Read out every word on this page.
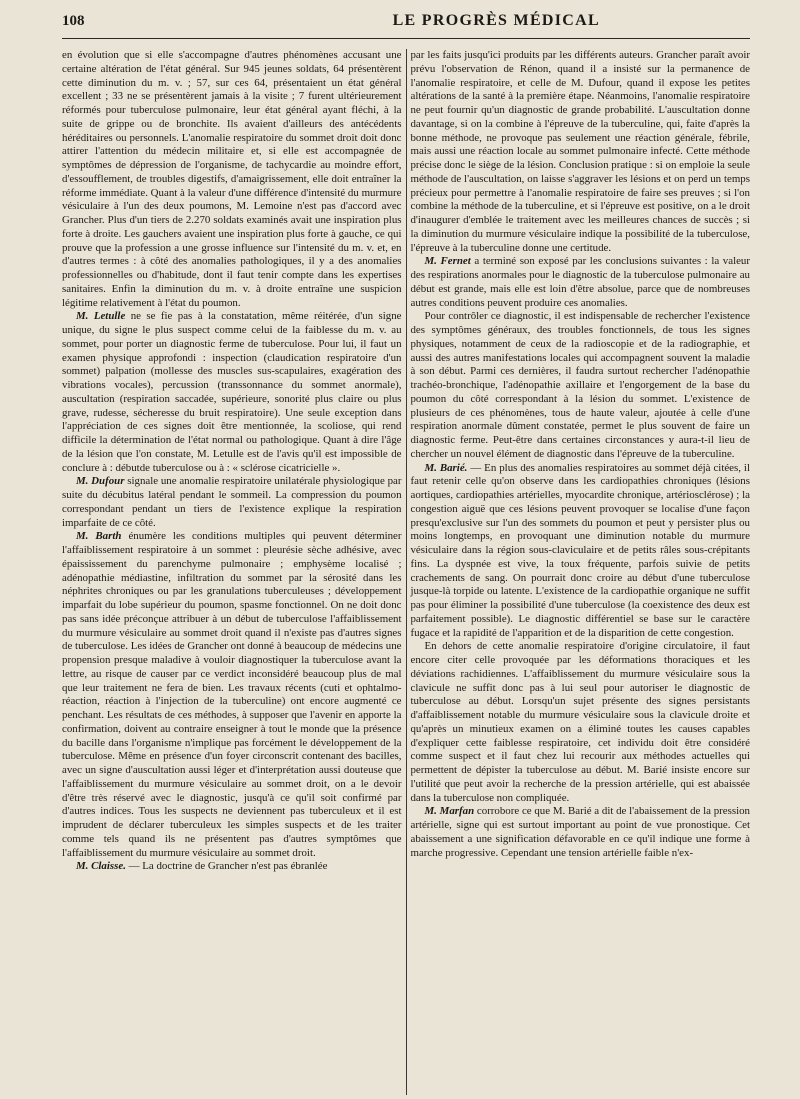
108	LE PROGRÈS MÉDICAL

en évolution que si elle s'accompagne d'autres phénomènes accusant une certaine altération de l'état général. Sur 945 jeunes soldats, 64 présentèrent cette diminution du m. v. ; 57, sur ces 64, présentaient un état général excellent ; 33 ne se présentèrent jamais à la visite ; 7 furent ultérieurement réformés pour tuberculose pulmonaire, leur état général ayant fléchi, à la suite de grippe ou de bronchite. Ils avaient d'ailleurs des antécédents héréditaires ou personnels. L'anomalie respiratoire du sommet droit doit donc attirer l'attention du médecin militaire et, si elle est accompagnée de symptômes de dépression de l'organisme, de tachycardie au moindre effort, d'essoufflement, de troubles digestifs, d'amaigrissement, elle doit entraîner la réforme immédiate. Quant à la valeur d'une différence d'intensité du murmure vésiculaire à l'un des deux poumons, M. Lemoine n'est pas d'accord avec Grancher. Plus d'un tiers de 2.270 soldats examinés avait une inspiration plus forte à droite. Les gauchers avaient une inspiration plus forte à gauche, ce qui prouve que la profession a une grosse influence sur l'intensité du m. v. et, en d'autres termes : à côté des anomalies pathologiques, il y a des anomalies professionnelles ou d'habitude, dont il faut tenir compte dans les expertises sanitaires. Enfin la diminution du m. v. à droite entraîne une suspicion légitime relativement à l'état du poumon.

M. Letulle ne se fie pas à la constatation, même réitérée, d'un signe unique, du signe le plus suspect comme celui de la faiblesse du m. v. au sommet, pour porter un diagnostic ferme de tuberculose. Pour lui, il faut un examen physique approfondi : inspection (claudication respiratoire d'un sommet) palpation (mollesse des muscles sus-scapulaires, exagération des vibrations vocales), percussion (transsonnance du sommet anormale), auscultation (respiration saccadée, supérieure, sonorité plus claire ou plus grave, rudesse, sécheresse du bruit respiratoire). Une seule exception dans l'appréciation de ces signes doit être mentionnée, la scoliose, qui rend difficile la détermination de l'état normal ou pathologique. Quant à dire l'âge de la lésion que l'on constate, M. Letulle est de l'avis qu'il est impossible de conclure à : débutde tuberculose ou à : « sclérose cicatricielle ».

M. Dufour signale une anomalie respiratoire unilatérale physiologique par suite du décubitus latéral pendant le sommeil. La compression du poumon correspondant pendant un tiers de l'existence explique la respiration imparfaite de ce côté.

M. Barth énumère les conditions multiples qui peuvent déterminer l'affaiblissement respiratoire à un sommet : pleurésie sèche adhésive, avec épaississement du parenchyme pulmonaire ; emphysème localisé ; adénopathie médiastine, infiltration du sommet par la sérosité dans les néphrites chroniques ou par les granulations tuberculeuses ; développement imparfait du lobe supérieur du poumon, spasme fonctionnel. On ne doit donc pas sans idée préconçue attribuer à un début de tuberculose l'affaiblissement du murmure vésiculaire au sommet droit quand il n'existe pas d'autres signes de tuberculose. Les idées de Grancher ont donné à beaucoup de médecins une propension presque maladive à vouloir diagnostiquer la tuberculose avant la lettre, au risque de causer par ce verdict inconsidéré beaucoup plus de mal que leur traitement ne fera de bien. Les travaux récents (cuti et ophtalmo-réaction, réaction à l'injection de la tuberculine) ont encore augmenté ce penchant. Les résultats de ces méthodes, à supposer que l'avenir en apporte la confirmation, doivent au contraire enseigner à tout le monde que la présence du bacille dans l'organisme n'implique pas forcément le développement de la tuberculose. Même en présence d'un foyer circonscrit contenant des bacilles, avec un signe d'auscultation aussi léger et d'interprétation aussi douteuse que l'affaiblissement du murmure vésiculaire au sommet droit, on a le devoir d'être très réservé avec le diagnostic, jusqu'à ce qu'il soit confirmé par d'autres indices. Tous les suspects ne deviennent pas tuberculeux et il est imprudent de déclarer tuberculeux les simples suspects et de les traiter comme tels quand ils ne présentent pas d'autres symptômes que l'affaiblissement du murmure vésiculaire au sommet droit.

M. Claisse. — La doctrine de Grancher n'est pas ébranlée

par les faits jusqu'ici produits par les différents auteurs. Grancher paraît avoir prévu l'observation de Rénon, quand il a insisté sur la permanence de l'anomalie respiratoire, et celle de M. Dufour, quand il expose les petites altérations de la santé à la première étape. Néanmoins, l'anomalie respiratoire ne peut fournir qu'un diagnostic de grande probabilité. L'auscultation donne davantage, si on la combine à l'épreuve de la tuberculine, qui, faite d'après la bonne méthode, ne provoque pas seulement une réaction générale, fébrile, mais aussi une réaction locale au sommet pulmonaire infecté. Cette méthode précise donc le siège de la lésion. Conclusion pratique : si on emploie la seule méthode de l'auscultation, on laisse s'aggraver les lésions et on perd un temps précieux pour permettre à l'anomalie respiratoire de faire ses preuves ; si l'on combine la méthode de la tuberculine, et si l'épreuve est positive, on a le droit d'inaugurer d'emblée le traitement avec les meilleures chances de succès ; si la diminution du murmure vésiculaire indique la possibilité de la tuberculose, l'épreuve à la tuberculine donne une certitude.

M. Fernet a terminé son exposé par les conclusions suivantes : la valeur des respirations anormales pour le diagnostic de la tuberculose pulmonaire au début est grande, mais elle est loin d'être absolue, parce que de nombreuses autres conditions peuvent produire ces anomalies.

Pour contrôler ce diagnostic, il est indispensable de rechercher l'existence des symptômes généraux, des troubles fonctionnels, de tous les signes physiques, notamment de ceux de la radioscopie et de la radiographie, et aussi des autres manifestations locales qui accompagnent souvent la maladie à son début. Parmi ces dernières, il faudra surtout rechercher l'adénopathie trachéo-bronchique, l'adénopathie axillaire et l'engorgement de la base du poumon du côté correspondant à la lésion du sommet. L'existence de plusieurs de ces phénomènes, tous de haute valeur, ajoutée à celle d'une respiration anormale dûment constatée, permet le plus souvent de faire un diagnostic ferme. Peut-être dans certaines circonstances y aura-t-il lieu de chercher un nouvel élément de diagnostic dans l'épreuve de la tuberculine.

M. Barié. — En plus des anomalies respiratoires au sommet déjà citées, il faut retenir celle qu'on observe dans les cardiopathies chroniques (lésions aortiques, cardiopathies artérielles, myocardite chronique, artériosclérose) ; la congestion aiguë que ces lésions peuvent provoquer se localise d'une façon presqu'exclusive sur l'un des sommets du poumon et peut y persister plus ou moins longtemps, en provoquant une diminution notable du murmure vésiculaire dans la région sous-claviculaire et de petits râles sous-crépitants fins. La dyspnée est vive, la toux fréquente, parfois suivie de petits crachements de sang. On pourrait donc croire au début d'une tuberculose jusque-là torpide ou latente. L'existence de la cardiopathie organique ne suffit pas pour éliminer la possibilité d'une tuberculose (la coexistence des deux est parfaitement possible). Le diagnostic différentiel se base sur le caractère fugace et la rapidité de l'apparition et de la disparition de cette congestion.

En dehors de cette anomalie respiratoire d'origine circulatoire, il faut encore citer celle provoquée par les déformations thoraciques et les déviations rachidiennes. L'affaiblissement du murmure vésiculaire sous la clavicule ne suffit donc pas à lui seul pour autoriser le diagnostic de tuberculose au début. Lorsqu'un sujet présente des signes persistants d'affaiblissement notable du murmure vésiculaire sous la clavicule droite et qu'après un minutieux examen on a éliminé toutes les causes capables d'expliquer cette faiblesse respiratoire, cet individu doit être considéré comme suspect et il faut chez lui recourir aux méthodes actuelles qui permettent de dépister la tuberculose au début. M. Barié insiste encore sur l'utilité que peut avoir la recherche de la pression artérielle, qui est abaissée dans la tuberculose non compliquée.

M. Marfan corrobore ce que M. Barié a dit de l'abaissement de la pression artérielle, signe qui est surtout important au point de vue pronostique. Cet abaissement a une signification défavorable en ce qu'il indique une forme à marche progressive. Cependant une tension artérielle faible n'ex-
